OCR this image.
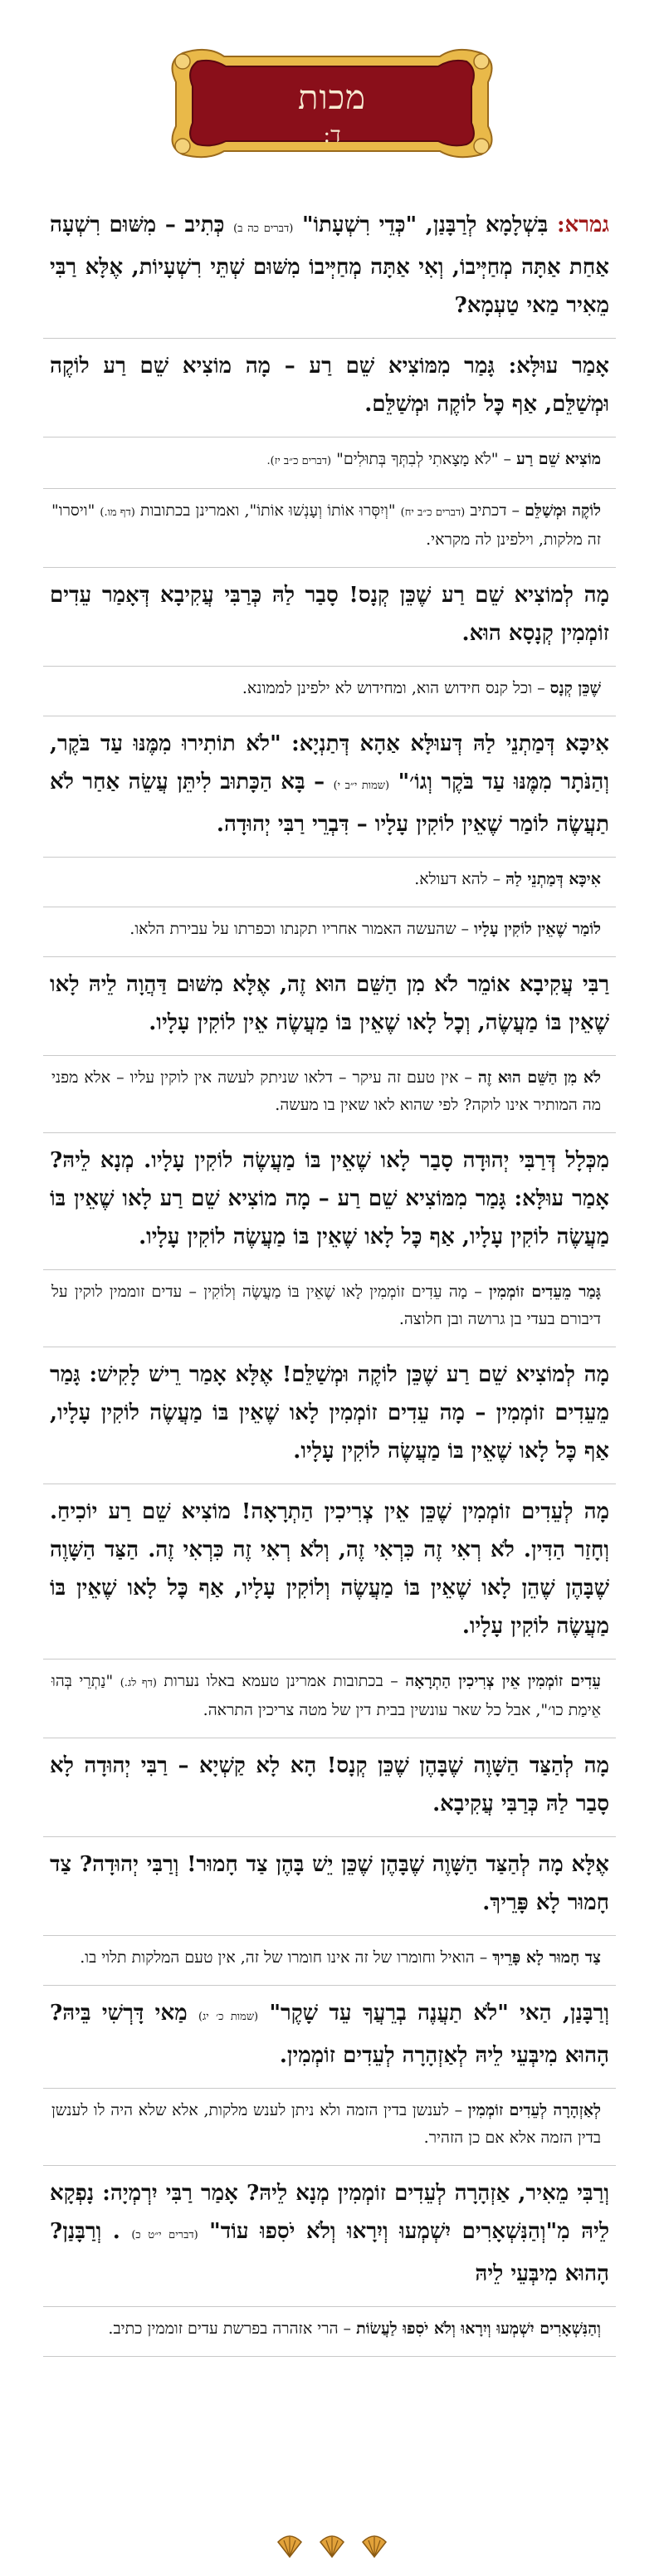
מכות
ד:
גמרא: בִּשְׁלָמָא לְרַבָּנַן, "כְּדֵי רִשְׁעָתוֹ" (דברים כה ב) כְּתִיב – מִשּׁוּם רִשְׁעָה אַחַת אַתָּה מְחַיְּיבוֹ, וְאִי אַתָּה מְחַיְּיבוֹ מִשּׁוּם שְׁתֵּי רִשְׁעָיוֹת, אֶלָּא רַבִּי מֵאִיר מַאי טַעְמָא?
אָמַר עוּלָּא: גָּמַר מִמּוֹצִיא שֵׁם רַע – מָה מוֹצִיא שֵׁם רַע לוֹקֶה וּמְשַׁלֵּם, אַף כׇּל לוֹקֶה וּמְשַׁלֵּם.
מוֹצִיא שֵׁם רַע – "לֹא מָצָאתִי לְבִתְּךָ בְּתוּלִים" (דברים כ״ב יז).
לוֹקֶה וּמְשַׁלֵּם – דכתיב (דברים כ״ב יח) "וְיִסְּרוּ אוֹתוֹ וְעָנְשׁוּ אוֹתוֹ", ואמרינן בכתובות (דף מו.) "ויסרו" זה מלקות, וילפינן לה מקראי.
מָה לְמוֹצִיא שֵׁם רַע שֶׁכֵּן קְנָס! סָבַר לַהּ כְּרַבִּי עֲקִיבָא דְּאָמַר עֵדִים זוֹמְמִין קְנָסָא הוּא.
שֶׁכֵּן קְנָס – וכל קנס חידוש הוא, ומחידוש לא ילפינן לממונא.
אִיכָּא דְּמַתְנֵי לַהּ דְּעוּלָּא אַהָא דְּתַנְיָא: "לֹא תוֹתִירוּ מִמֶּנּוּ עַד בֹּקֶר, וְהַנֹּתָר מִמֶּנּוּ עַד בֹּקֶר וְגוֹ׳" (שמות י״ב י) – בָּא הַכָּתוּב לִיתֵּן עֲשֵׂה אַחַר לֹא תַעֲשֶׂה לוֹמַר שֶׁאֵין לוֹקִין עָלָיו – דִּבְרֵי רַבִּי יְהוּדָה.
אִיכָּא דְּמַתְנֵי לַהּ – להא דעולא.
לוֹמַר שֶׁאֵין לוֹקִין עָלָיו – שהעשה האמור אחריו תקנתו וכפרתו על עבירת הלאו.
רַבִּי עֲקִיבָא אוֹמֵר לֹא מִן הַשֵּׁם הוּא זֶה, אֶלָּא מִשּׁוּם דַּהֲוָה לֵיהּ לָאו שֶׁאֵין בּוֹ מַעֲשֶׂה, וְכׇל לָאו שֶׁאֵין בּוֹ מַעֲשֶׂה אֵין לוֹקִין עָלָיו.
לֹא מִן הַשֵּׁם הוּא זֶה – אין טעם זה עיקר – דלאו שניתק לעשה אין לוקין עליו – אלא מפני מה המותיר אינו לוקה? לפי שהוא לאו שאין בו מעשה.
מִכְּלָל דְּרַבִּי יְהוּדָה סָבַר לָאו שֶׁאֵין בּוֹ מַעֲשֶׂה לוֹקִין עָלָיו. מְנָא לֵיהּ? אָמַר עוּלָּא: גָּמַר מִמּוֹצִיא שֵׁם רַע – מָה מוֹצִיא שֵׁם רַע לָאו שֶׁאֵין בּוֹ מַעֲשֶׂה לוֹקִין עָלָיו, אַף כׇּל לָאו שֶׁאֵין בּוֹ מַעֲשֶׂה לוֹקִין עָלָיו.
גָּמַר מֵעֵדִים זוֹמְמִין – מָה עֵדִים זוֹמְמִין לָאו שֶׁאֵין בּוֹ מַעֲשֶׂה וְלוֹקִין – עדים זוממין לוקין על דיבורם בעדי בן גרושה ובן חלוצה.
מָה לְמוֹצִיא שֵׁם רַע שֶׁכֵּן לוֹקֶה וּמְשַׁלֵּם! אֶלָּא אָמַר רֵישׁ לָקִישׁ: גָּמַר מֵעֵדִים זוֹמְמִין – מָה עֵדִים זוֹמְמִין לָאו שֶׁאֵין בּוֹ מַעֲשֶׂה לוֹקִין עָלָיו, אַף כׇּל לָאו שֶׁאֵין בּוֹ מַעֲשֶׂה לוֹקִין עָלָיו.
מָה לְעֵדִים זוֹמְמִין שֶׁכֵּן אֵין צְרִיכִין הַתְרָאָה! מוֹצִיא שֵׁם רַע יוֹכִיחַ. וְחָזַר הַדִּין. לֹא רְאִי זֶה כִּרְאִי זֶה, וְלֹא רְאִי זֶה כִּרְאִי זֶה. הַצַּד הַשָּׁוֶה שֶׁבָּהֶן שֶׁהֵן לָאו שֶׁאֵין בּוֹ מַעֲשֶׂה וְלוֹקִין עָלָיו, אַף כׇּל לָאו שֶׁאֵין בּוֹ מַעֲשֶׂה לוֹקִין עָלָיו.
עֵדִים זוֹמְמִין אֵין צְרִיכִין הַתְרָאָה – בכתובות אמרינן טעמא באלו נערות (דף לג.) "נַתְרֵי בְּהוּ אֵימַת כו׳", אבל כל שאר עונשין בבית דין של מטה צריכין התראה.
מָה לְהַצַּד הַשָּׁוֶה שֶׁבָּהֶן שֶׁכֵּן קְנָס! הָא לָא קַשְׁיָא – רַבִּי יְהוּדָה לָא סָבַר לַהּ כְּרַבִּי עֲקִיבָא.
אֶלָּא מָה לְהַצַּד הַשָּׁוֶה שֶׁבָּהֶן שֶׁכֵּן יֵשׁ בָּהֶן צַד חָמוּר! וְרַבִּי יְהוּדָה? צַד חָמוּר לָא פָּרֵיךְ.
צַד חָמוּר לָא פָּרֵיךְ – הואיל וחומרו של זה אינו חומרו של זה, אין טעם המלקות תלוי בו.
וְרַבָּנַן, הַאי "לֹא תַעֲנֶה בְרֵעֲךָ עֵד שָׁקֶר" (שמות כ׳ יג) מַאי דָּרְשִׁי בֵּיהּ? הָהוּא מִיבְּעֵי לֵיהּ לְאַזְהָרָה לְעֵדִים זוֹמְמִין.
לְאַזְהָרָה לְעֵדִים זוֹמְמִין – לענשן בדין הזמה ולא ניתן לענש מלקות, אלא שלא היה לו לענשן בדין הזמה אלא אם כן הזהיר.
וְרַבִּי מֵאִיר, אַזְהָרָה לְעֵדִים זוֹמְמִין מְנָא לֵיהּ? אָמַר רַבִּי יִרְמְיָה: נָפְקָא לֵיהּ מִ"וְהַנִּשְׁאָרִים יִשְׁמְעוּ וְיִרָאוּ וְלֹא יֹסִפוּ עוֹד" (דברים י״ט כ) . וְרַבָּנַן? הָהוּא מִיבְּעֵי לֵיהּ
וְהַנִּשְׁאָרִים יִשְׁמְעוּ וְיִרָאוּ וְלֹא יֹסִפוּ לַעֲשׂוֹת – הרי אזהרה בפרשת עדים זוממין כתיב.
